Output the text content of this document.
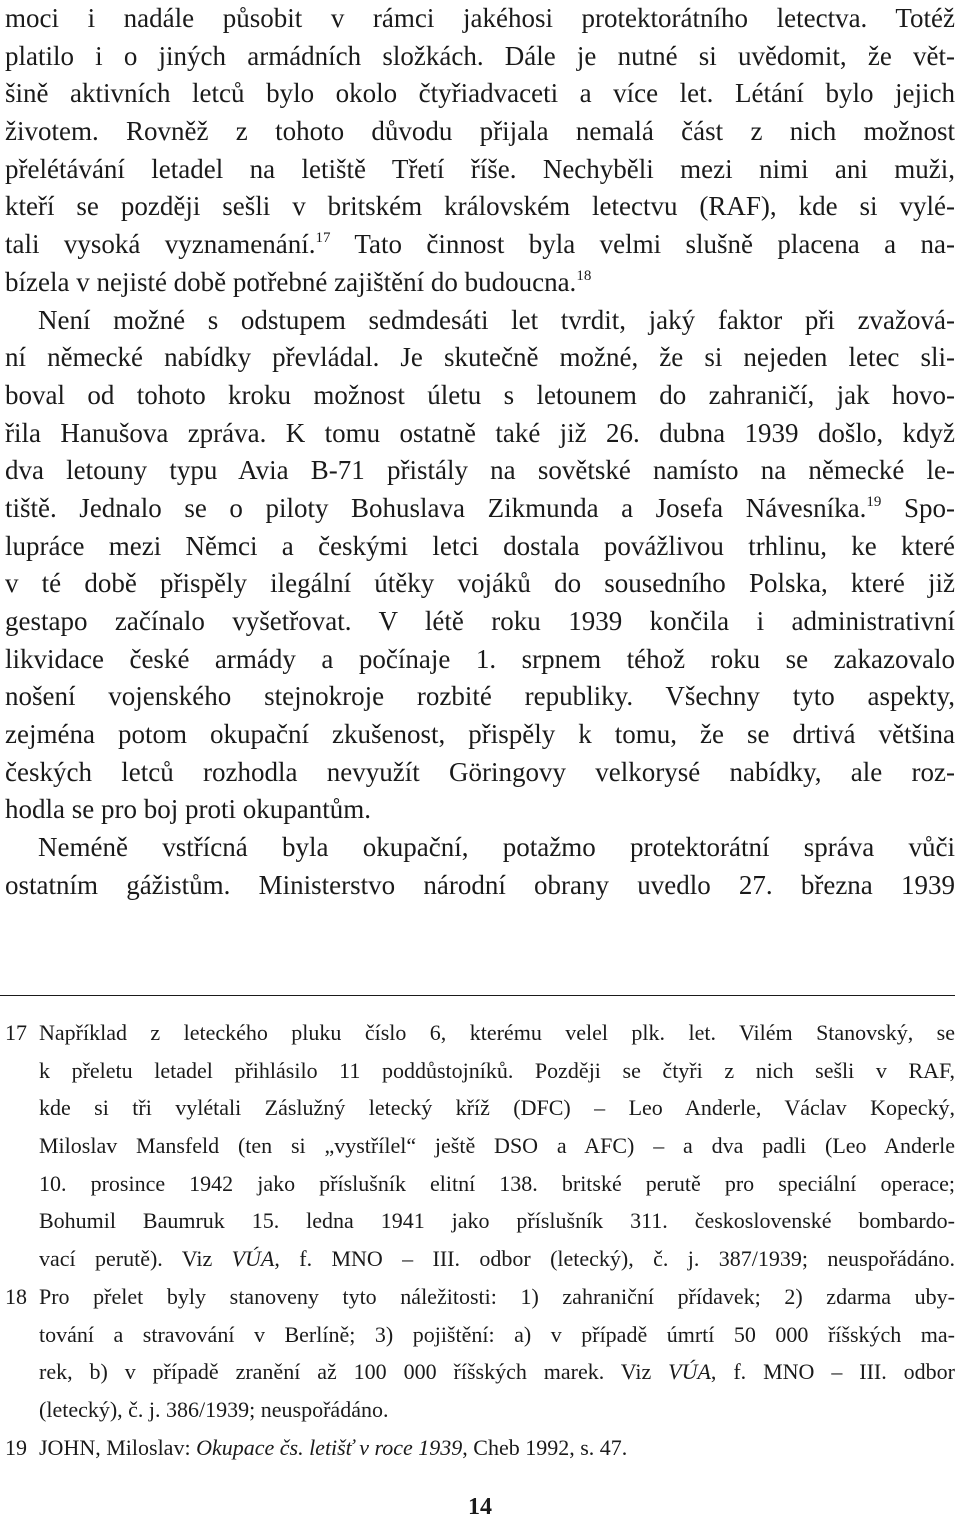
moci i nadále působit v rámci jakéhosi protektorátního letectva. Totéž
platilo i o jiných armádních složkách. Dále je nutné si uvědomit, že vět-
šině aktivních letců bylo okolo čtyřiadvaceti a více let. Létání bylo jejich
životem. Rovněž z tohoto důvodu přijala nemalá část z nich možnost
přelétávání letadel na letiště Třetí říše. Nechyběli mezi nimi ani muži,
kteří se později sešli v britském královském letectvu (RAF), kde si vylé-
tali vysoká vyznamenání.$^{17}$ Tato činnost byla velmi slušně placena a na-
bízela v nejisté době potřebné zajištění do budoucna.$^{18}$
Není možné s odstupem sedmdesáti let tvrdit, jaký faktor při zvažová-
ní německé nabídky převládal. Je skutečně možné, že si nejeden letec sli-
boval od tohoto kroku možnost úletu s letounem do zahraničí, jak hovo-
řila Hanušova zpráva. K tomu ostatně také již 26. dubna 1939 došlo, když
dva letouny typu Avia B-71 přistály na sovětské namísto na německé le-
tiště. Jednalo se o piloty Bohuslava Zikmunda a Josefa Návesníka.$^{19}$ Spo-
lupráce mezi Němci a českými letci dostala povážlivou trhlinu, ke které
v té době přispěly ilegální útěky vojáků do sousedního Polska, které již
gestapo začínalo vyšetřovat. V létě roku 1939 končila i administrativní
likvidace české armády a počínaje 1. srpnem téhož roku se zakazovalo
nošení vojenského stejnokroje rozbité republiky. Všechny tyto aspekty,
zejména potom okupační zkušenost, přispěly k tomu, že se drtivá většina
českých letců rozhodla nevyužít Göringovy velkorysé nabídky, ale roz-
hodla se pro boj proti okupantům.
Neméně vstřícná byla okupační, potažmo protektorátní správa vůči
ostatním gážistům. Ministerstvo národní obrany uvedlo 27. března 1939
17 Například z leteckého pluku číslo 6, kterému velel plk. let. Vilém Stanovský, se
k přeletu letadel přihlásilo 11 poddůstojníků. Později se čtyři z nich sešli v RAF,
kde si tři vylétali Záslužný letecký kříž (DFC) – Leo Anderle, Václav Kopecký,
Miloslav Mansfeld (ten si „vystřílel“ ještě DSO a AFC) – a dva padli (Leo Anderle
10. prosince 1942 jako příslušník elitní 138. britské perutě pro speciální operace;
Bohumil Baumruk 15. ledna 1941 jako příslušník 311. československé bombardo-
vací perutě). Viz VÚA, f. MNO – III. odbor (letecký), č. j. 387/1939; neuspořádáno.
18 Pro přelet byly stanoveny tyto náležitosti: 1) zahraniční přídavek; 2) zdarma uby-
tování a stravování v Berlíně; 3) pojištění: a) v případě úmrtí 50 000 říšských ma-
rek, b) v případě zranění až 100 000 říšských marek. Viz VÚA, f. MNO – III. odbor
(letecký), č. j. 386/1939; neuspořádáno.
19 JOHN, Miloslav: Okupace čs. letišť v roce 1939, Cheb 1992, s. 47.
14
